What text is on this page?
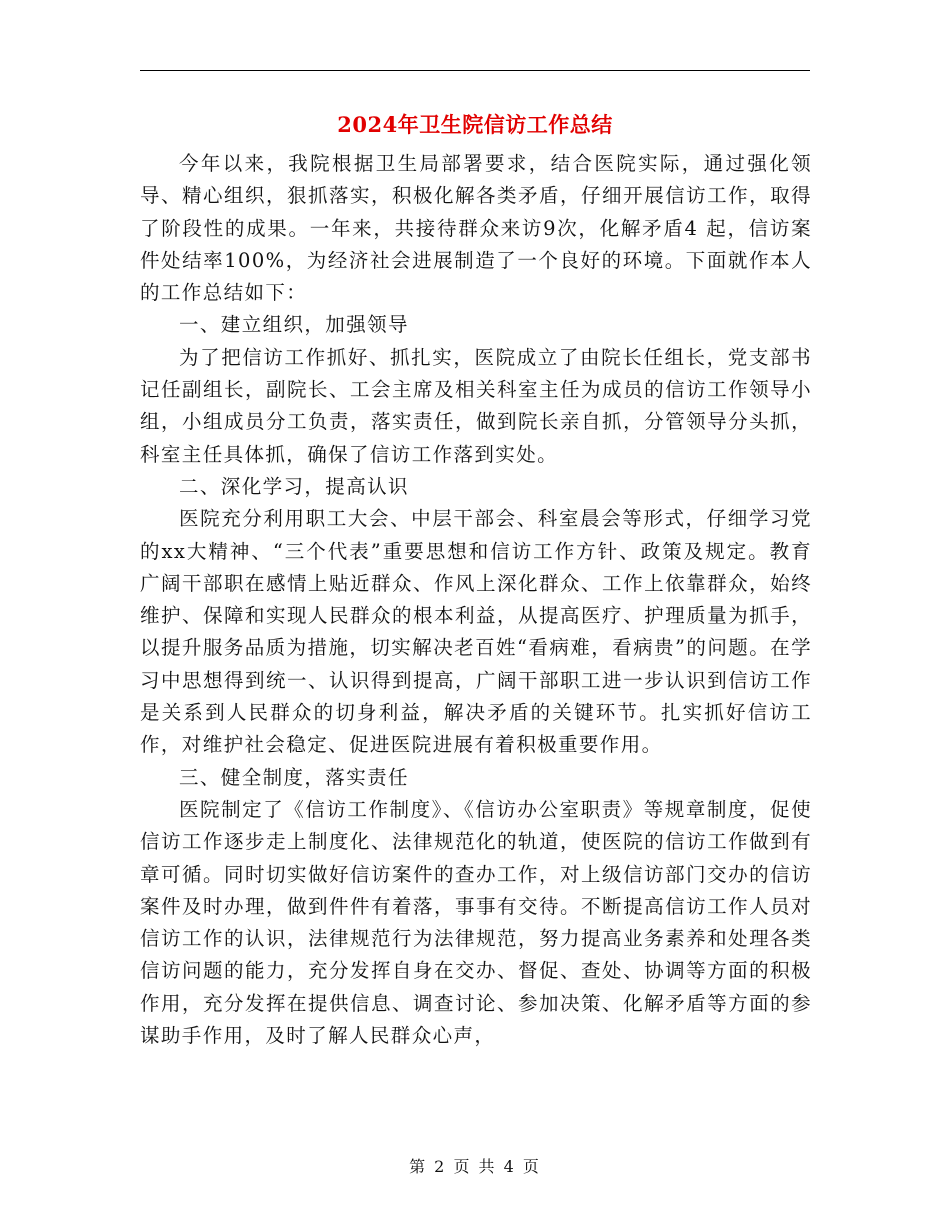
2024年卫生院信访工作总结

今年以来，我院根据卫生局部署要求，结合医院实际，通过强化领导、精心组织，狠抓落实，积极化解各类矛盾，仔细开展信访工作，取得了阶段性的成果。一年来，共接待群众来访9次，化解矛盾4 起，信访案件处结率100%，为经济社会进展制造了一个良好的环境。下面就作本人的工作总结如下：

一、建立组织，加强领导

为了把信访工作抓好、抓扎实，医院成立了由院长任组长，党支部书记任副组长，副院长、工会主席及相关科室主任为成员的信访工作领导小组，小组成员分工负责，落实责任，做到院长亲自抓，分管领导分头抓，科室主任具体抓，确保了信访工作落到实处。

二、深化学习，提高认识

医院充分利用职工大会、中层干部会、科室晨会等形式，仔细学习党的xx大精神、“三个代表”重要思想和信访工作方针、政策及规定。教育广阔干部职在感情上贴近群众、作风上深化群众、工作上依靠群众，始终维护、保障和实现人民群众的根本利益，从提高医疗、护理质量为抓手，以提升服务品质为措施，切实解决老百姓“看病难，看病贵”的问题。在学习中思想得到统一、认识得到提高，广阔干部职工进一步认识到信访工作是关系到人民群众的切身利益，解决矛盾的关键环节。扎实抓好信访工作，对维护社会稳定、促进医院进展有着积极重要作用。

三、健全制度，落实责任

医院制定了《信访工作制度》、《信访办公室职责》等规章制度，促使信访工作逐步走上制度化、法律规范化的轨道，使医院的信访工作做到有章可循。同时切实做好信访案件的查办工作，对上级信访部门交办的信访案件及时办理，做到件件有着落，事事有交待。不断提高信访工作人员对信访工作的认识，法律规范行为法律规范，努力提高业务素养和处理各类信访问题的能力，充分发挥自身在交办、督促、查处、协调等方面的积极作用，充分发挥在提供信息、调查讨论、参加决策、化解矛盾等方面的参谋助手作用，及时了解人民群众心声，

第 2 页 共 4 页
